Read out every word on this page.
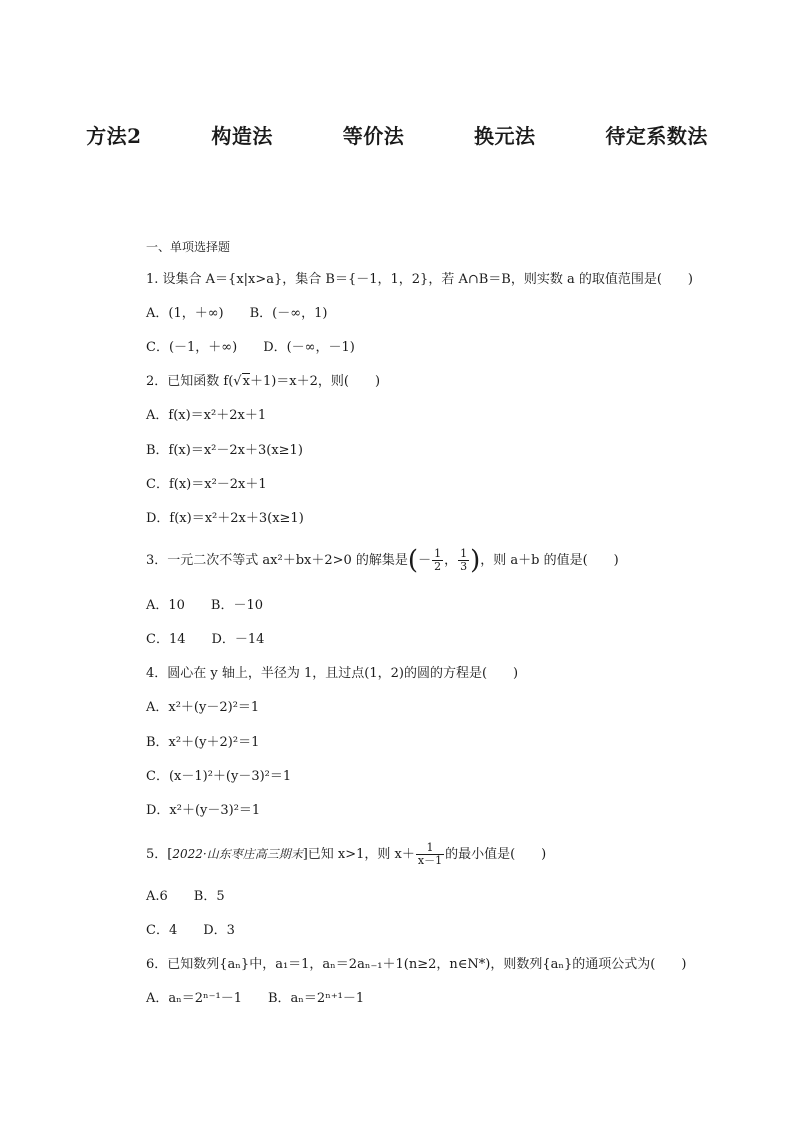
方法2    构造法    等价法    换元法    待定系数法
一、单项选择题
1. 设集合 A＝{x|x>a}，集合 B＝{－1，1，2}，若 A∩B＝B，则实数 a 的取值范围是(　　)
A．(1，＋∞)　　B．(－∞，1)
C．(－1，＋∞)　　D．(－∞，－1)
2．已知函数 f(√x＋1)＝x＋2，则(　　)
A．f(x)＝x²＋2x＋1
B．f(x)＝x²－2x＋3(x≥1)
C．f(x)＝x²－2x＋1
D．f(x)＝x²＋2x＋3(x≥1)
3．一元二次不等式 ax²＋bx＋2>0 的解集是(－ $\frac{1}{2}$ ， $\frac{1}{3}$ )，则 a＋b 的值是(　　)
A．10　　B．－10
C．14　　D．－14
4．圆心在 y 轴上，半径为 1，且过点(1，2)的圆的方程是(　　)
A．x²＋(y－2)²＝1
B．x²＋(y＋2)²＝1
C．(x－1)²＋(y－3)²＝1
D．x²＋(y－3)²＝1
5．[2022·山东枣庄高三期末]已知 x>1，则 $x+ \frac{1}{x-1}$ 的最小值是(　　)
A.6　　B．5
C．4　　D．3
6．已知数列{aₙ}中，a₁＝1，aₙ＝2aₙ₋₁＋1(n≥2，n∈N*)，则数列{aₙ}的通项公式为(　　)
A．aₙ＝2ⁿ⁻¹－1　　B．aₙ＝2ⁿ⁺¹－1
